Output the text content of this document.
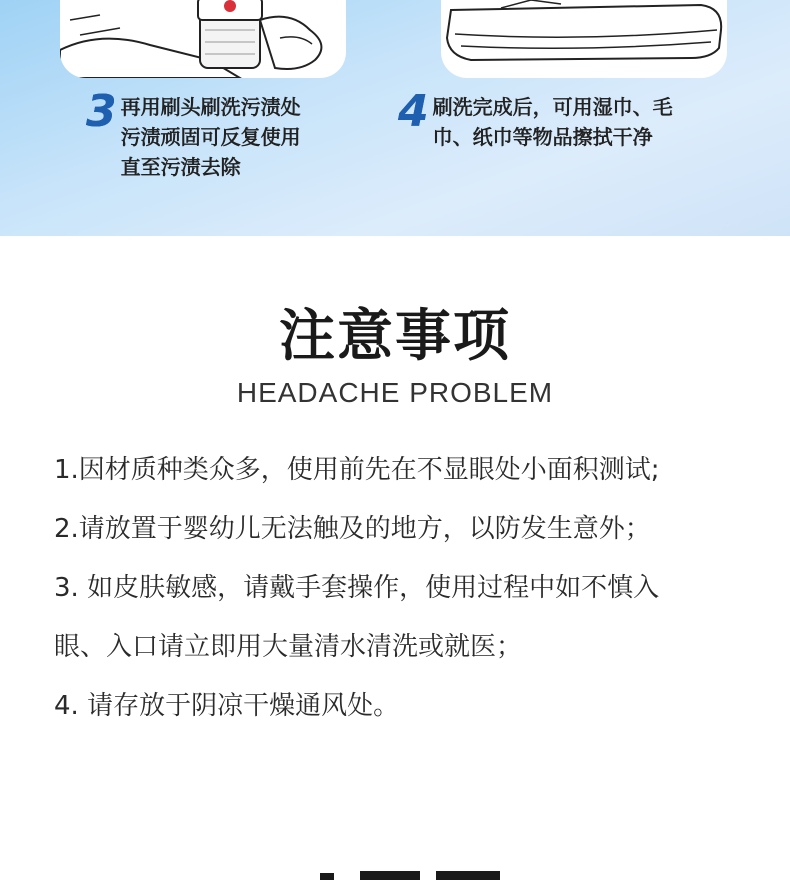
3 再用刷头刷洗污渍处
污渍顽固可反复使用
直至污渍去除
4 刷洗完成后，可用湿巾、毛
巾、纸巾等物品擦拭干净
注意事项
HEADACHE PROBLEM
1.因材质种类众多，使用前先在不显眼处小面积测试;
2.请放置于婴幼儿无法触及的地方，以防发生意外；
3. 如皮肤敏感，请戴手套操作，使用过程中如不慎入
眼、入口请立即用大量清水清洗或就医；
4. 请存放于阴凉干燥通风处。
